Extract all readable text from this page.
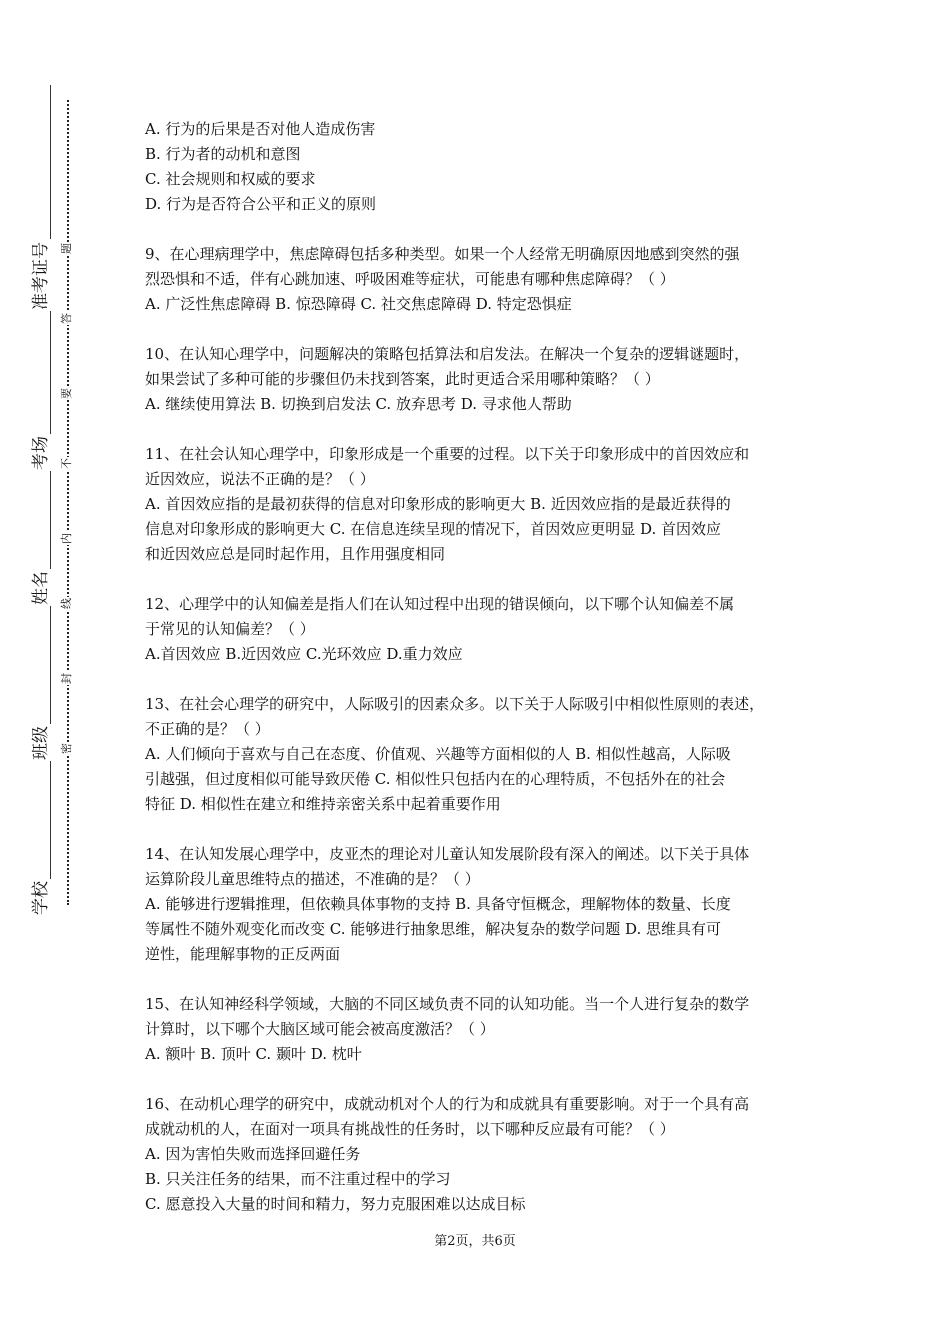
学校
班级
姓名
考场
准考证号
密
封
线
内
不
要
答
题
A. 行为的后果是否对他人造成伤害
B. 行为者的动机和意图
C. 社会规则和权威的要求
D. 行为是否符合公平和正义的原则
9、在心理病理学中，焦虑障碍包括多种类型。如果一个人经常无明确原因地感到突然的强
烈恐惧和不适，伴有心跳加速、呼吸困难等症状，可能患有哪种焦虑障碍？（ ）
A. 广泛性焦虑障碍 B. 惊恐障碍 C. 社交焦虑障碍 D. 特定恐惧症
10、在认知心理学中，问题解决的策略包括算法和启发法。在解决一个复杂的逻辑谜题时，
如果尝试了多种可能的步骤但仍未找到答案，此时更适合采用哪种策略？（ ）
A. 继续使用算法 B. 切换到启发法 C. 放弃思考 D. 寻求他人帮助
11、在社会认知心理学中，印象形成是一个重要的过程。以下关于印象形成中的首因效应和
近因效应，说法不正确的是？（ ）
A. 首因效应指的是最初获得的信息对印象形成的影响更大 B. 近因效应指的是最近获得的
信息对印象形成的影响更大 C. 在信息连续呈现的情况下，首因效应更明显 D. 首因效应
和近因效应总是同时起作用，且作用强度相同
12、心理学中的认知偏差是指人们在认知过程中出现的错误倾向，以下哪个认知偏差不属
于常见的认知偏差？（ ）
A.首因效应 B.近因效应 C.光环效应 D.重力效应
13、在社会心理学的研究中，人际吸引的因素众多。以下关于人际吸引中相似性原则的表述，
不正确的是？（ ）
A. 人们倾向于喜欢与自己在态度、价值观、兴趣等方面相似的人 B. 相似性越高，人际吸
引越强，但过度相似可能导致厌倦 C. 相似性只包括内在的心理特质，不包括外在的社会
特征 D. 相似性在建立和维持亲密关系中起着重要作用
14、在认知发展心理学中，皮亚杰的理论对儿童认知发展阶段有深入的阐述。以下关于具体
运算阶段儿童思维特点的描述，不准确的是？（ ）
A. 能够进行逻辑推理，但依赖具体事物的支持 B. 具备守恒概念，理解物体的数量、长度
等属性不随外观变化而改变 C. 能够进行抽象思维，解决复杂的数学问题 D. 思维具有可
逆性，能理解事物的正反两面
15、在认知神经科学领域，大脑的不同区域负责不同的认知功能。当一个人进行复杂的数学
计算时，以下哪个大脑区域可能会被高度激活？（ ）
A. 额叶 B. 顶叶 C. 颞叶 D. 枕叶
16、在动机心理学的研究中，成就动机对个人的行为和成就具有重要影响。对于一个具有高
成就动机的人，在面对一项具有挑战性的任务时，以下哪种反应最有可能？（ ）
A. 因为害怕失败而选择回避任务
B. 只关注任务的结果，而不注重过程中的学习
C. 愿意投入大量的时间和精力，努力克服困难以达成目标
第2页，共6页
